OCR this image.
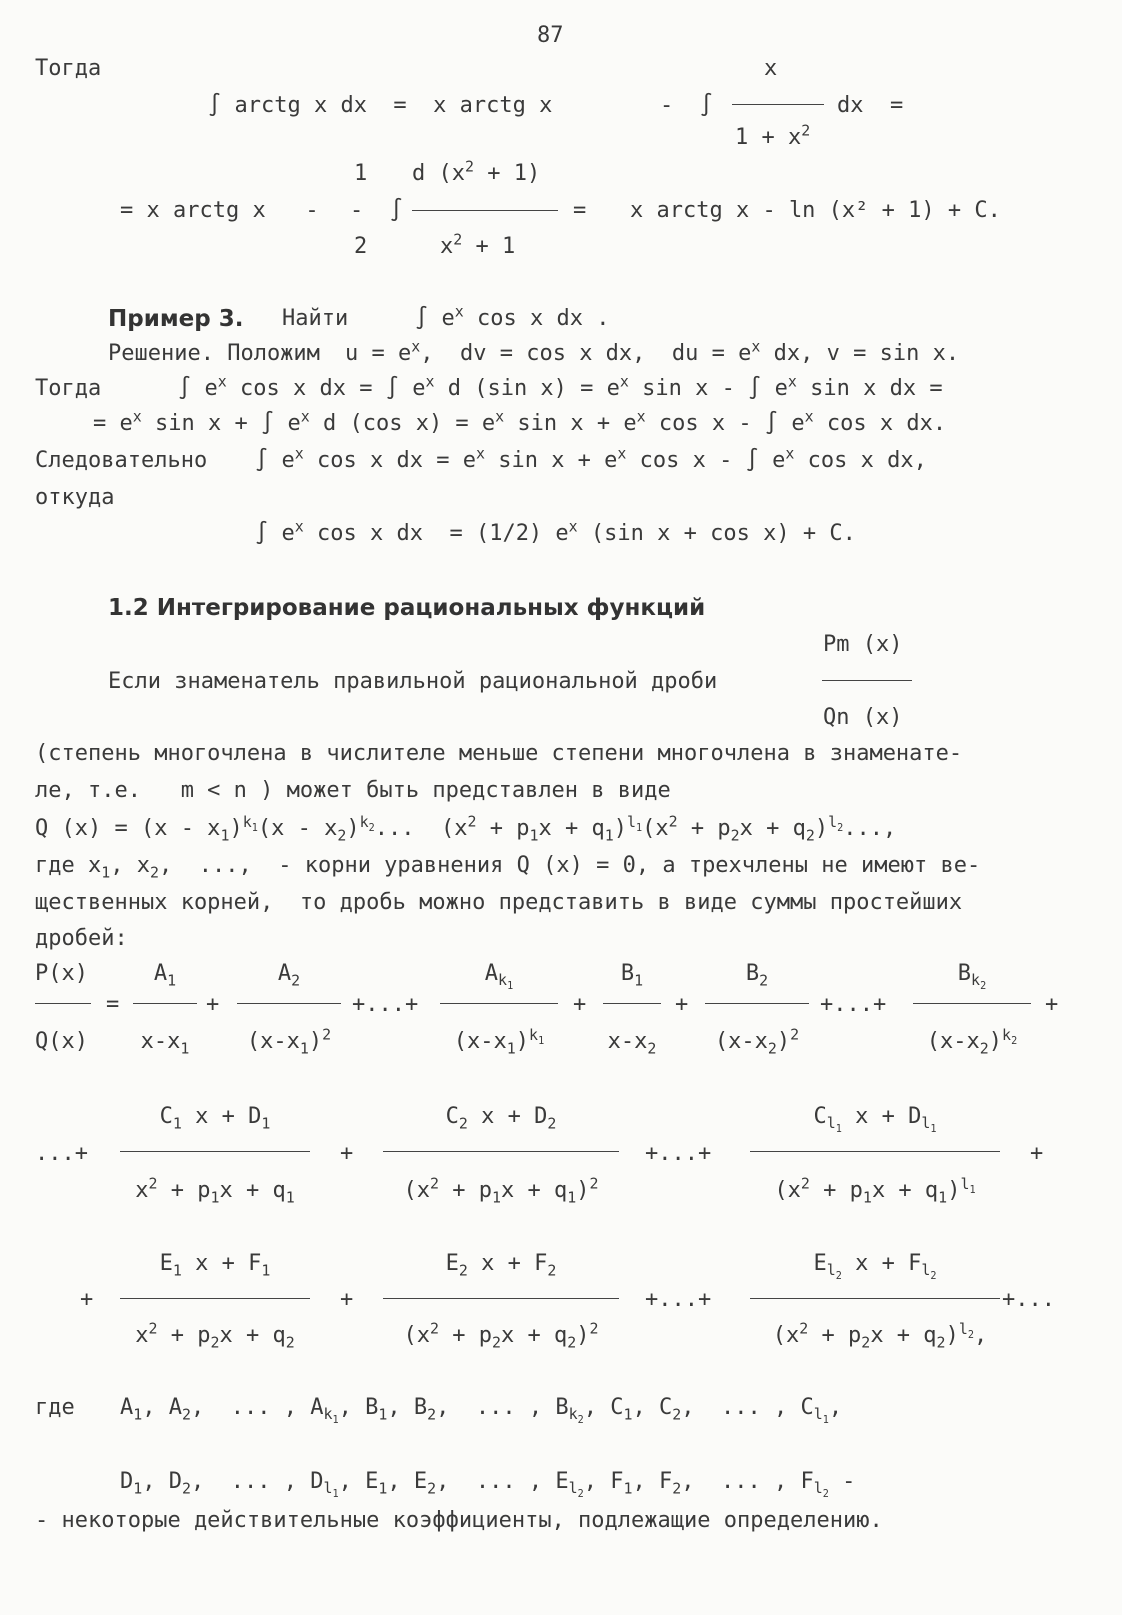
87
Тогда
∫ arctg x dx  =  x arctg x	-  ∫
x
$1 + x^2$
dx  =
= x arctg x   -
1
-  ∫
2
d $(x^2 + 1)$
$x^2 + 1$
= x arctg x - ln (x² + 1) + C.
Пример 3. Найти	∫ $e^x$ cos x dx .
Решение. Положим $u = e^x$,  dv = cos x dx,  du = $e^x$ dx, v = sin x.
Тогда	∫ $e^x$ cos x dx = ∫ $e^x$ d (sin $x) = e^x$ sin x - ∫ $e^x$ sin x dx =
= $e^x$ sin x + ∫ $e^x$ d (cos $x) = e^x$ $\sin x + e^x$ cos x - ∫ $e^x$ cos x dx.
Следовательно ∫ $e^x$ cos x dx = $e^x$ $\sin x + e^x$ cos x - ∫ $e^x$ cos x dx,
откуда
∫ $e^x$ cos x dx  = (1/2) $e^x$ (sin x + cos x) + C.
1.2 Интегрирование рациональных функций
Pm (x)
Если знаменатель правильной рациональной дроби
Qn (x)
(степень многочлена в числителе меньше степени многочлена в знаменате-
ле, т.е.   m < n ) может быть представлен в виде
Q $(x) = (x - x_1)^{k_1}(x - x_2)^{k_2}$...  $(x^2 + p_1x + q_1)^{l_1}(x^2 + p_2x + q_2)^{l_2}$...,
где $x_1$, $x_2$,  ...,  - корни уравнения Q (x) = 0, а трехчлены не имеют ве-
щественных корней,  то дробь можно представить в виде суммы простейших
дробей:
P(x)
Q(x)
=
$A_1$
$x-x_1$
+
$A_2$
$(x-x_1)^2$
+...+
$A_{k_1}$
$(x-x_1)^{k_1}$
+
$B_1$
$x-x_2$
+
$B_2$
$(x-x_2)^2$
+...+
$B_{k_2}$
$(x-x_2)^{k_2}$
+
...+
$C_1$ $x + D_1$
$x^2 + p_1x + q_1$
+
$C_2$ $x + D_2$
$(x^2 + p_1x + q_1)^2$
+...+
$C_{l_1}$ $x + D_{l_1}$
$(x^2 + p_1x + q_1)^{l_1}$
+
+
$E_1$ $x + F_1$
$x^2 + p_2x + q_2$
+
$E_2$ $x + F_2$
$(x^2 + p_2x + q_2)^2$
+...+
$E_{l_2}$ $x + F_{l_2}$
$(x^2 + p_2x + q_2)^{l_2}$,
+...
где $A_1$, $A_2$,  ... , $A_{k_1}$, $B_1$, $B_2$,  ... , $B_{k_2}$, $C_1$, $C_2$,  ... , $C_{l_1}$,
$D_1$, $D_2$,  ... , $D_{l_1}$, $E_1$, $E_2$,  ... , $E_{l_2}$, $F_1$, $F_2$,  ... , $F_{l_2}$ -
- некоторые действительные коэффициенты, подлежащие определению.
